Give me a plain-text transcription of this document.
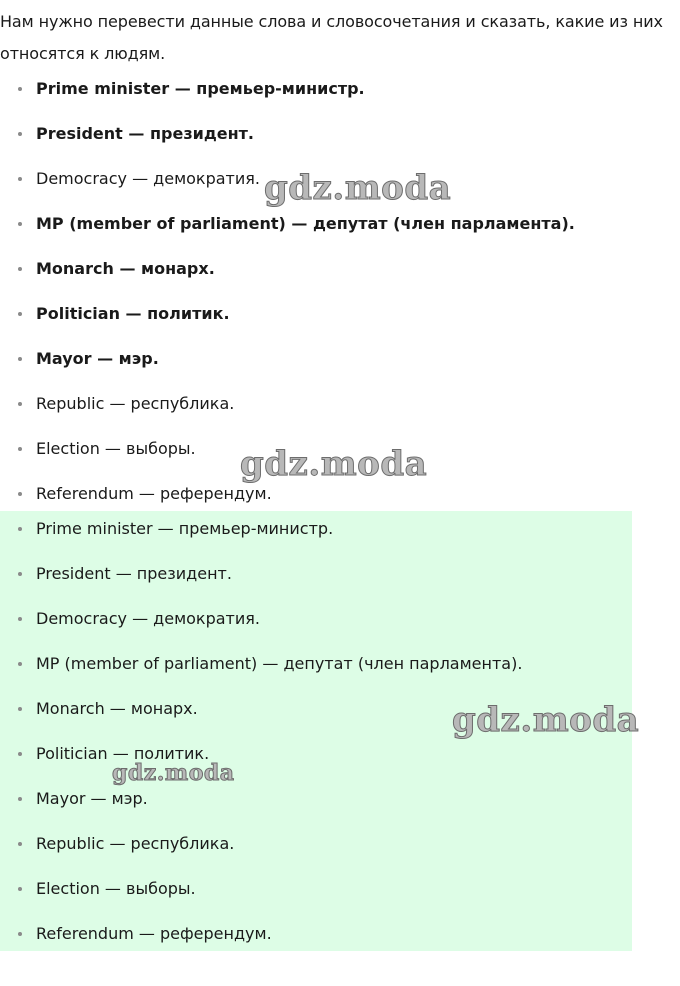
Нам нужно перевести данные слова и словосочетания и сказать, какие из них относятся к людям.
Prime minister — премьер-министр.
President — президент.
Democracy — демократия.
MP (member of parliament) — депутат (член парламента).
Monarch — монарх.
Politician — политик.
Mayor — мэр.
Republic — республика.
Election — выборы.
Referendum — референдум.
Prime minister — премьер-министр.
President — президент.
Democracy — демократия.
MP (member of parliament) — депутат (член парламента).
Monarch — монарх.
Politician — политик.
Mayor — мэр.
Republic — республика.
Election — выборы.
Referendum — референдум.
gdz.moda
gdz.moda
gdz.moda
gdz.moda
